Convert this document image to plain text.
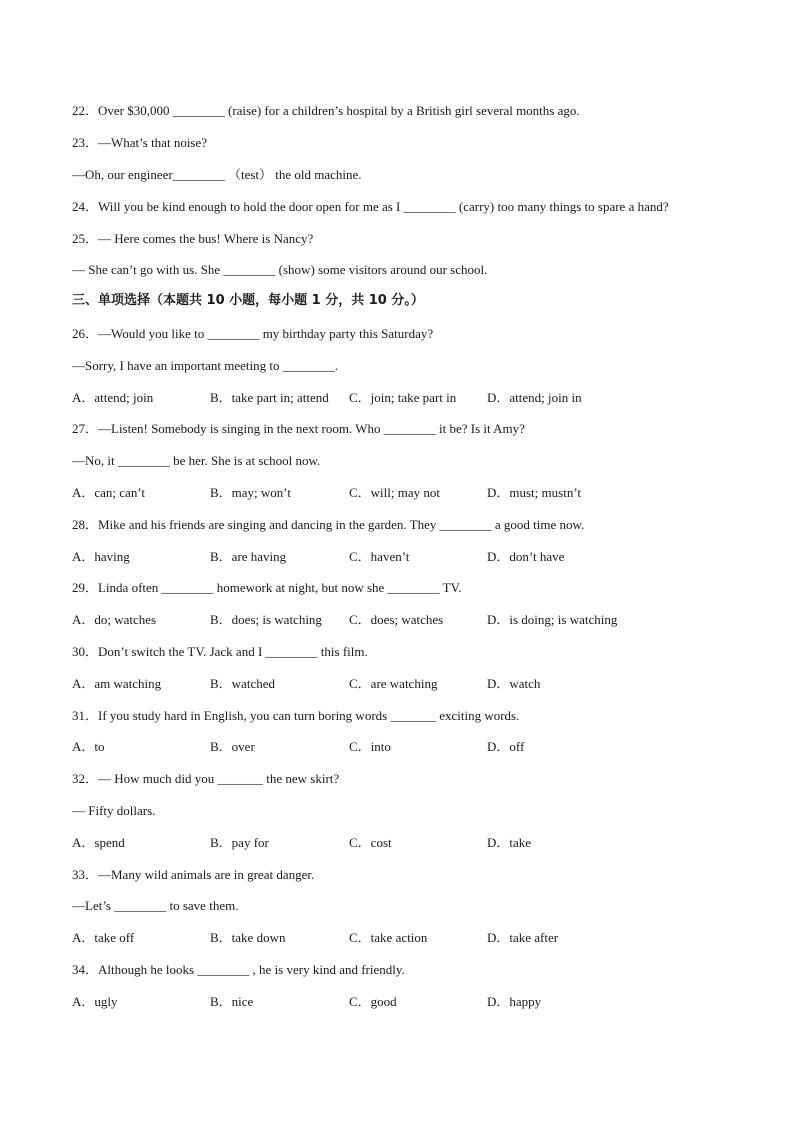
22．Over $30,000 ________ (raise) for a children’s hospital by a British girl several months ago.
23．—What’s that noise?
—Oh, our engineer________ （test） the old machine.
24．Will you be kind enough to hold the door open for me as I ________ (carry) too many things to spare a hand?
25．— Here comes the bus! Where is Nancy?
— She can’t go with us. She ________ (show) some visitors around our school.
三、单项选择（本题共 10 小题，每小题 1 分，共 10 分。）
26．—Would you like to ________ my birthday party this Saturday?
—Sorry, I have an important meeting to ________.
A．attend; join	B．take part in; attend C．join; take part in D．attend; join in
27．—Listen! Somebody is singing in the next room. Who ________ it be? Is it Amy?
—No, it ________ be her. She is at school now.
A．can; can’t	B．may; won’t	C．will; may not	D．must; mustn’t
28．Mike and his friends are singing and dancing in the garden. They ________ a good time now.
A．having	B．are having	C．haven’t	D．don’t have
29．Linda often ________ homework at night, but now she ________ TV.
A．do; watches	B．does; is watching C．does; watches	D．is doing; is watching
30．Don’t switch the TV. Jack and I ________ this film.
A．am watching	B．watched	C．are watching	D．watch
31．If you study hard in English, you can turn boring words _______ exciting words.
A．to	B．over	C．into	D．off
32．— How much did you _______ the new skirt?
— Fifty dollars.
A．spend	B．pay for	C．cost	D．take
33．—Many wild animals are in great danger.
—Let’s ________ to save them.
A．take off	B．take down	C．take action	D．take after
34．Although he looks ________ , he is very kind and friendly.
A．ugly	B．nice	C．good	D．happy
